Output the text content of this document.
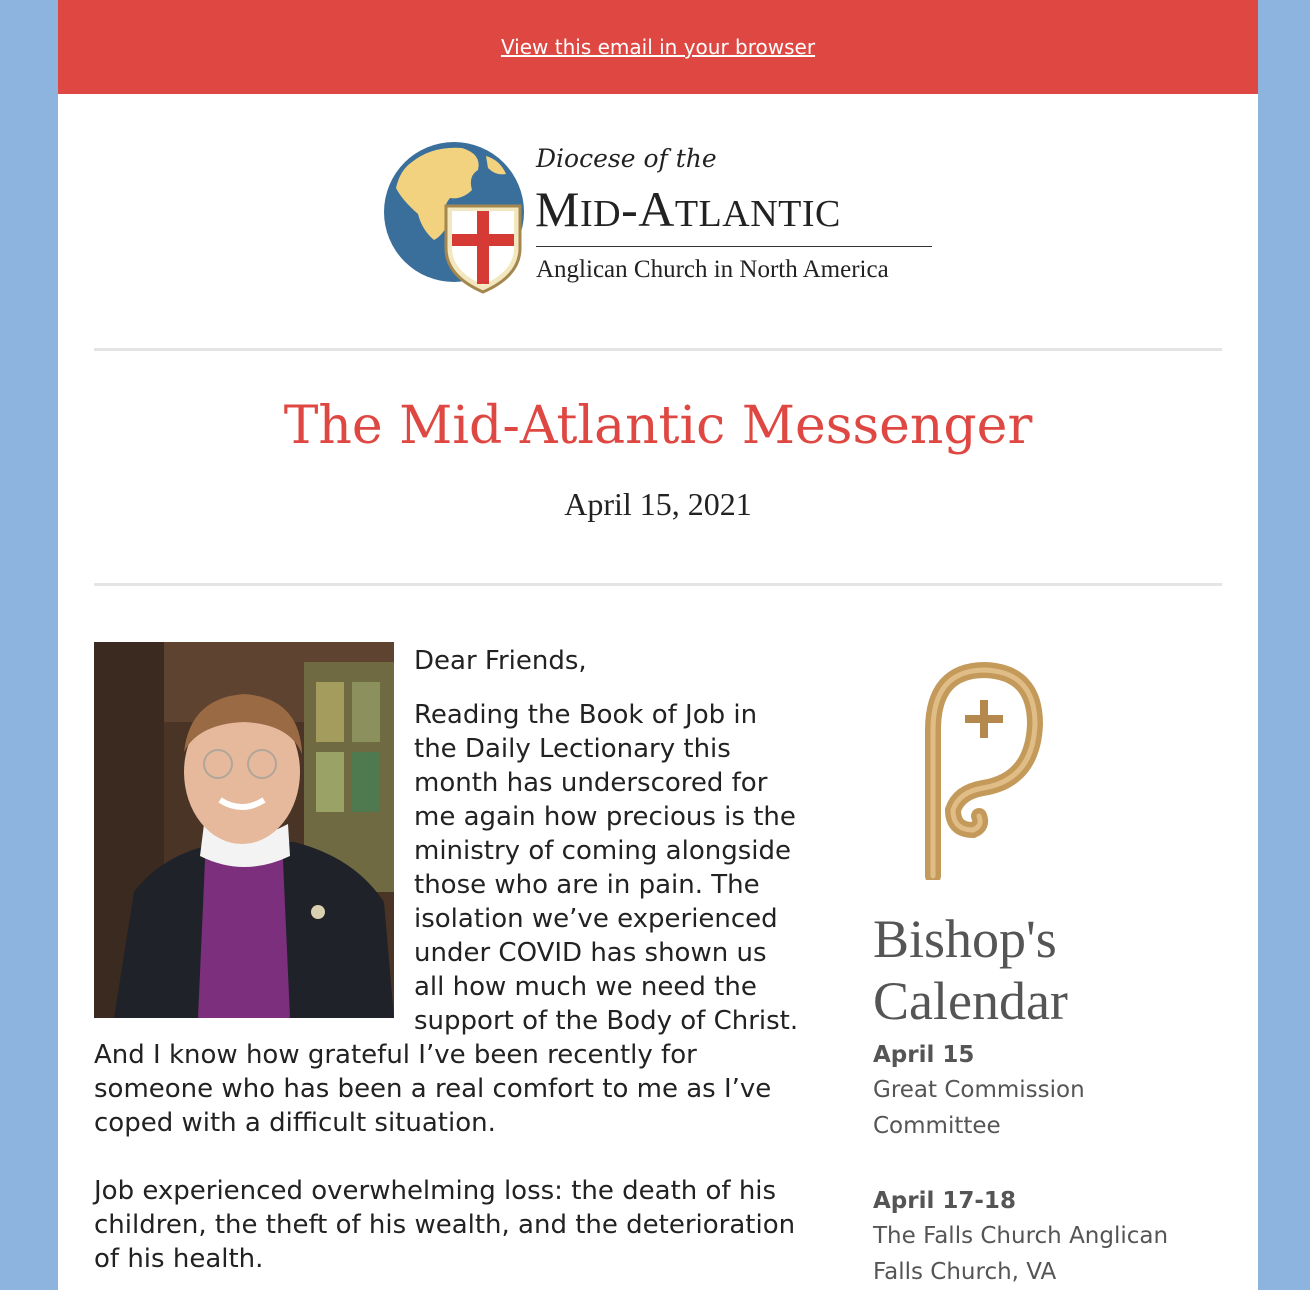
View this email in your browser
Diocese of the
MID-ATLANTIC
Anglican Church in North America
The Mid-Atlantic Messenger
April 15, 2021

Dear Friends,

Reading the Book of Job in the Daily Lectionary this month has underscored for me again how precious is the ministry of coming alongside those who are in pain. The isolation we’ve experienced under COVID has shown us all how much we need the support of the Body of Christ. And I know how grateful I’ve been recently for someone who has been a real comfort to me as I’ve coped with a difficult situation.

Job experienced overwhelming loss: the death of his children, the theft of his wealth, and the deterioration of his health.

Bishop's Calendar
April 15
Great Commission
Committee
April 17-18
The Falls Church Anglican
Falls Church, VA
